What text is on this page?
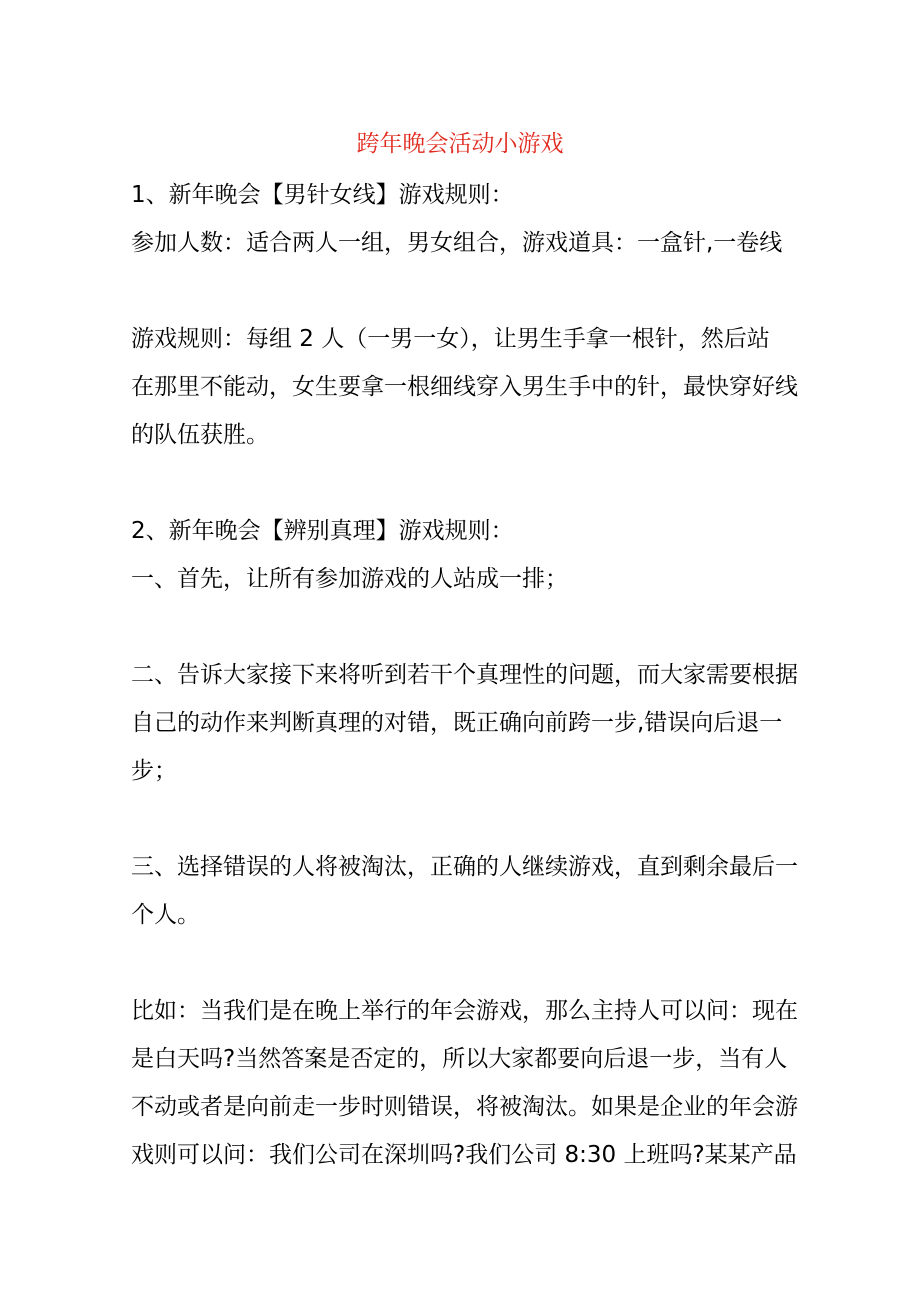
跨年晚会活动小游戏
1、新年晚会【男针女线】游戏规则：
参加人数：适合两人一组，男女组合，游戏道具：一盒针,一卷线
游戏规则：每组 2 人（一男一女），让男生手拿一根针，然后站
在那里不能动，女生要拿一根细线穿入男生手中的针，最快穿好线
的队伍获胜。
2、新年晚会【辨别真理】游戏规则：
一、首先，让所有参加游戏的人站成一排；
二、告诉大家接下来将听到若干个真理性的问题，而大家需要根据
自己的动作来判断真理的对错，既正确向前跨一步,错误向后退一
步；
三、选择错误的人将被淘汰，正确的人继续游戏，直到剩余最后一
个人。
比如：当我们是在晚上举行的年会游戏，那么主持人可以问：现在
是白天吗?当然答案是否定的，所以大家都要向后退一步，当有人
不动或者是向前走一步时则错误，将被淘汰。如果是企业的年会游
戏则可以问：我们公司在深圳吗?我们公司 8:30 上班吗?某某产品
